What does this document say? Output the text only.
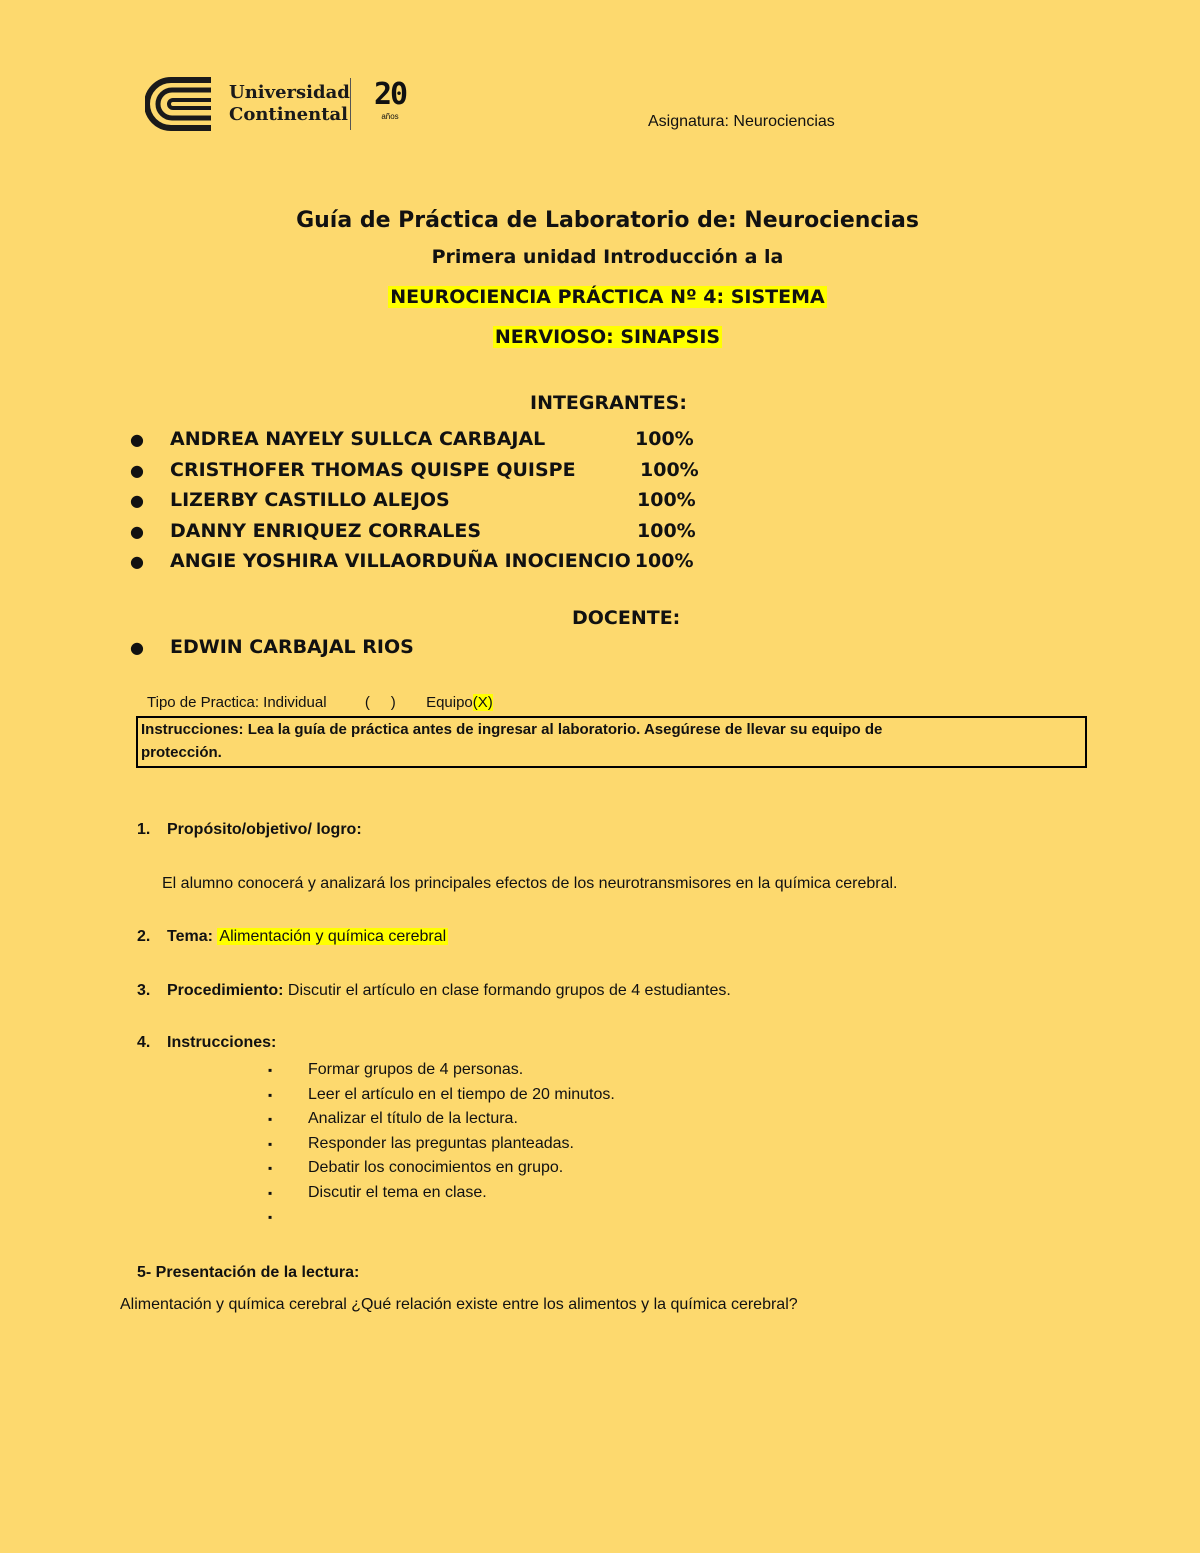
Universidad
Continental
20
años	Asignatura: Neurociencias
Guía de Práctica de Laboratorio de: Neurociencias
Primera unidad Introducción a la
NEUROCIENCIA PRÁCTICA Nº 4: SISTEMA
NERVIOSO: SINAPSIS
INTEGRANTES:
● ANDREA NAYELY SULLCA CARBAJAL	100%
● CRISTHOFER THOMAS QUISPE QUISPE	100%
● LIZERBY CASTILLO ALEJOS	100%
● DANNY ENRIQUEZ CORRALES	100%
● ANGIE YOSHIRA VILLAORDUÑA INOCIENCIO 100%
DOCENTE:
● EDWIN CARBAJAL RIOS
Tipo de Practica: Individual	(     ) Equipo(X)
Instrucciones: Lea la guía de práctica antes de ingresar al laboratorio. Asegúrese de llevar su equipo de
protección.
1. Propósito/objetivo/ logro:
El alumno conocerá y analizará los principales efectos de los neurotransmisores en la química cerebral.
2. Tema: Alimentación y química cerebral
3. Procedimiento: Discutir el artículo en clase formando grupos de 4 estudiantes.
4. Instrucciones:
▪ Formar grupos de 4 personas.
▪ Leer el artículo en el tiempo de 20 minutos.
▪ Analizar el título de la lectura.
▪ Responder las preguntas planteadas.
▪ Debatir los conocimientos en grupo.
▪ Discutir el tema en clase.
▪
5- Presentación de la lectura:
Alimentación y química cerebral ¿Qué relación existe entre los alimentos y la química cerebral?
